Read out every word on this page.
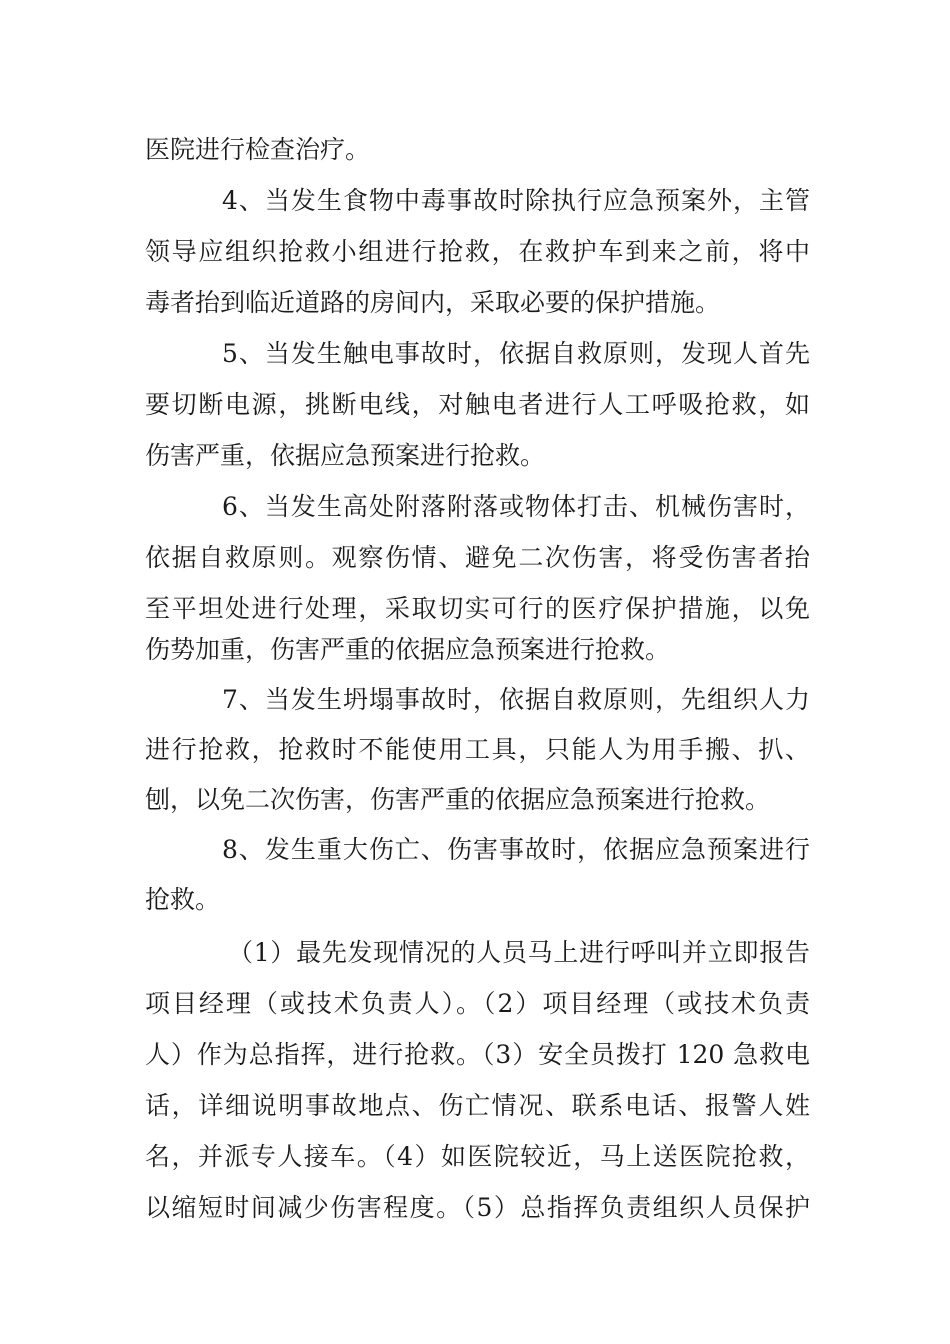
医院进行检查治疗。
4、当发生食物中毒事故时除执行应急预案外，主管
领导应组织抢救小组进行抢救，在救护车到来之前，将中
毒者抬到临近道路的房间内，采取必要的保护措施。
5、当发生触电事故时，依据自救原则，发现人首先
要切断电源，挑断电线，对触电者进行人工呼吸抢救，如
伤害严重，依据应急预案进行抢救。
6、当发生高处附落附落或物体打击、机械伤害时，
依据自救原则。观察伤情、避免二次伤害，将受伤害者抬
至平坦处进行处理，采取切实可行的医疗保护措施，以免
伤势加重，伤害严重的依据应急预案进行抢救。
7、当发生坍塌事故时，依据自救原则，先组织人力
进行抢救，抢救时不能使用工具，只能人为用手搬、扒、
刨，以免二次伤害，伤害严重的依据应急预案进行抢救。
8、发生重大伤亡、伤害事故时，依据应急预案进行
抢救。
（1）最先发现情况的人员马上进行呼叫并立即报告
项目经理（或技术负责人）。（2）项目经理（或技术负责
人）作为总指挥，进行抢救。（3）安全员拨打 120 急救电
话，详细说明事故地点、伤亡情况、联系电话、报警人姓
名，并派专人接车。（4）如医院较近，马上送医院抢救，
以缩短时间减少伤害程度。（5）总指挥负责组织人员保护
